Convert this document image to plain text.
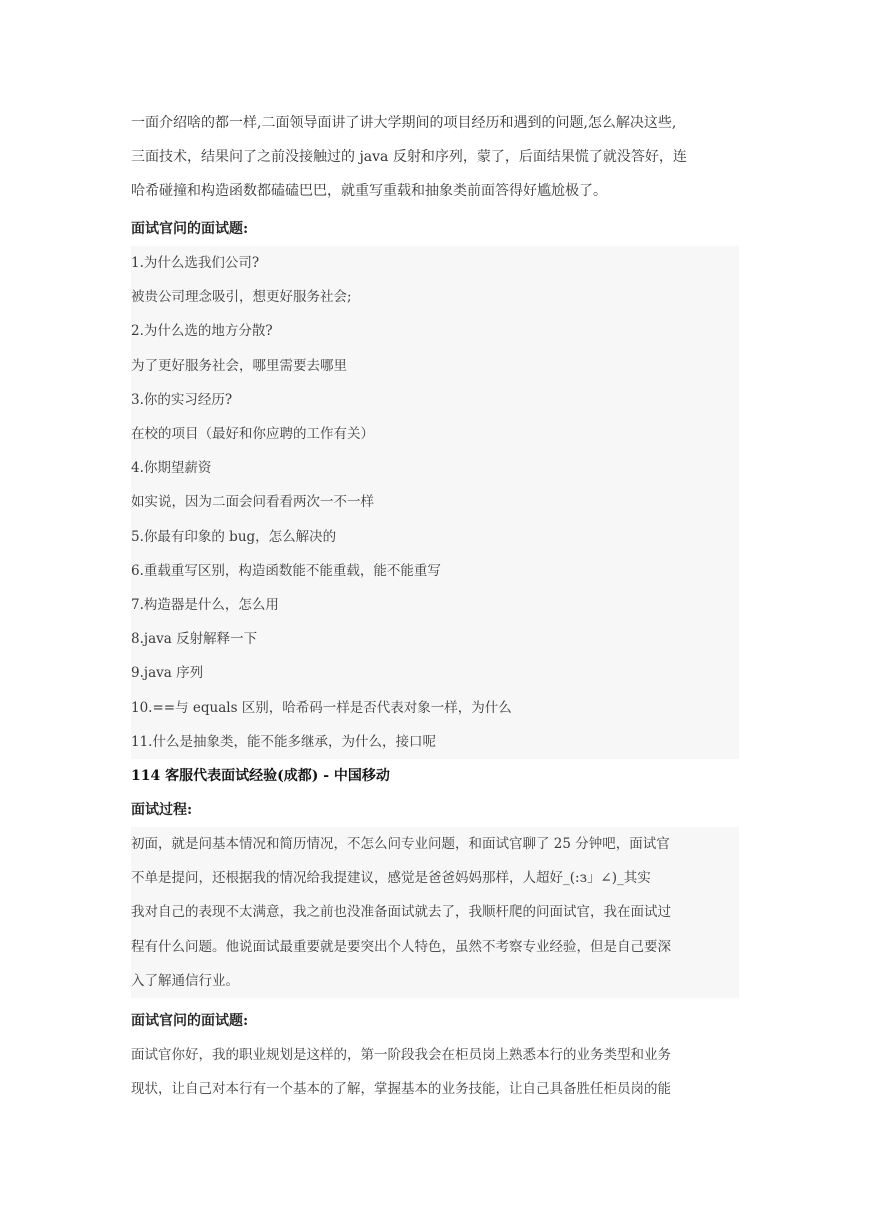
一面介绍啥的都一样,二面领导面讲了讲大学期间的项目经历和遇到的问题,怎么解决这些,

三面技术，结果问了之前没接触过的 java 反射和序列，蒙了，后面结果慌了就没答好，连

哈希碰撞和构造函数都磕磕巴巴，就重写重载和抽象类前面答得好尴尬极了。

面试官问的面试题:

1.为什么选我们公司?

被贵公司理念吸引，想更好服务社会;

2.为什么选的地方分散?

为了更好服务社会，哪里需要去哪里

3.你的实习经历?

在校的项目（最好和你应聘的工作有关）

4.你期望薪资

如实说，因为二面会问看看两次一不一样

5.你最有印象的 bug，怎么解决的

6.重载重写区别，构造函数能不能重载，能不能重写

7.构造器是什么，怎么用

8.java 反射解释一下

9.java 序列

10.==与 equals 区别，哈希码一样是否代表对象一样，为什么

11.什么是抽象类，能不能多继承，为什么，接口呢

114 客服代表面试经验(成都) - 中国移动

面试过程:

初面，就是问基本情况和简历情况，不怎么问专业问题，和面试官聊了 25 分钟吧，面试官

不单是提问，还根据我的情况给我提建议，感觉是爸爸妈妈那样，人超好_(:з」∠)_其实

我对自己的表现不太满意，我之前也没准备面试就去了，我顺杆爬的问面试官，我在面试过

程有什么问题。他说面试最重要就是要突出个人特色，虽然不考察专业经验，但是自己要深

入了解通信行业。

面试官问的面试题:

面试官你好，我的职业规划是这样的，第一阶段我会在柜员岗上熟悉本行的业务类型和业务

现状，让自己对本行有一个基本的了解，掌握基本的业务技能，让自己具备胜任柜员岗的能
